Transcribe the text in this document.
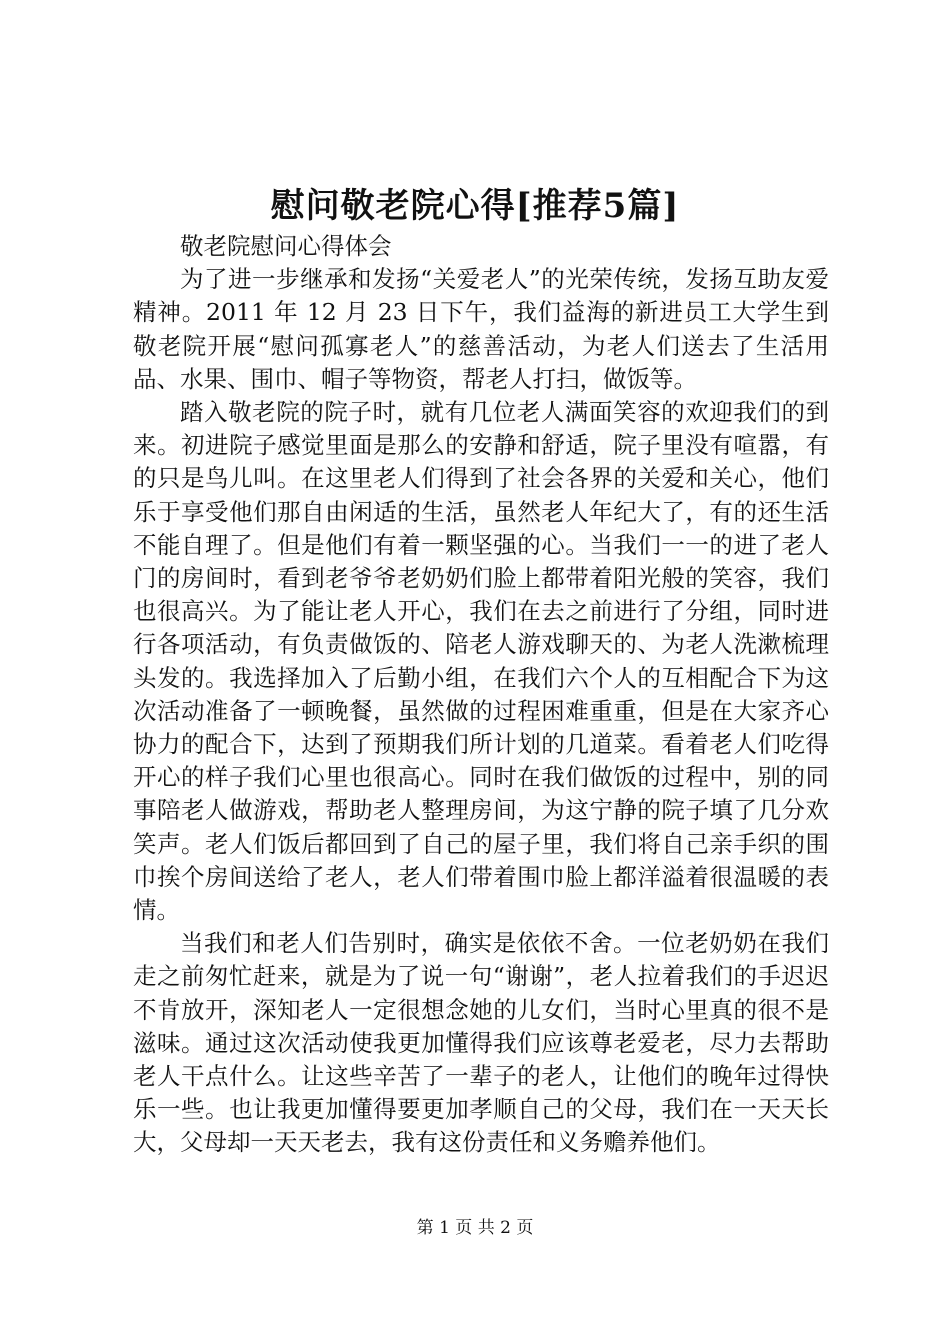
慰问敬老院心得[推荐5篇]
敬老院慰问心得体会

为了进一步继承和发扬“关爱老人”的光荣传统，发扬互助友爱精神。2011 年 12 月 23 日下午，我们益海的新进员工大学生到敬老院开展“慰问孤寡老人”的慈善活动，为老人们送去了生活用品、水果、围巾、帽子等物资，帮老人打扫，做饭等。

踏入敬老院的院子时，就有几位老人满面笑容的欢迎我们的到来。初进院子感觉里面是那么的安静和舒适，院子里没有喧嚣，有的只是鸟儿叫。在这里老人们得到了社会各界的关爱和关心，他们乐于享受他们那自由闲适的生活，虽然老人年纪大了，有的还生活不能自理了。但是他们有着一颗坚强的心。当我们一一的进了老人门的房间时，看到老爷爷老奶奶们脸上都带着阳光般的笑容，我们也很高兴。为了能让老人开心，我们在去之前进行了分组，同时进行各项活动，有负责做饭的、陪老人游戏聊天的、为老人洗漱梳理头发的。我选择加入了后勤小组，在我们六个人的互相配合下为这次活动准备了一顿晚餐，虽然做的过程困难重重，但是在大家齐心协力的配合下，达到了预期我们所计划的几道菜。看着老人们吃得开心的样子我们心里也很高心。同时在我们做饭的过程中，别的同事陪老人做游戏，帮助老人整理房间，为这宁静的院子填了几分欢笑声。老人们饭后都回到了自己的屋子里，我们将自己亲手织的围巾挨个房间送给了老人，老人们带着围巾脸上都洋溢着很温暖的表情。

当我们和老人们告别时，确实是依依不舍。一位老奶奶在我们走之前匆忙赶来，就是为了说一句“谢谢”，老人拉着我们的手迟迟不肯放开，深知老人一定很想念她的儿女们，当时心里真的很不是滋味。通过这次活动使我更加懂得我们应该尊老爱老，尽力去帮助老人干点什么。让这些辛苦了一辈子的老人，让他们的晚年过得快乐一些。也让我更加懂得要更加孝顺自己的父母，我们在一天天长大，父母却一天天老去，我有这份责任和义务赡养他们。

第 1 页 共 2 页
